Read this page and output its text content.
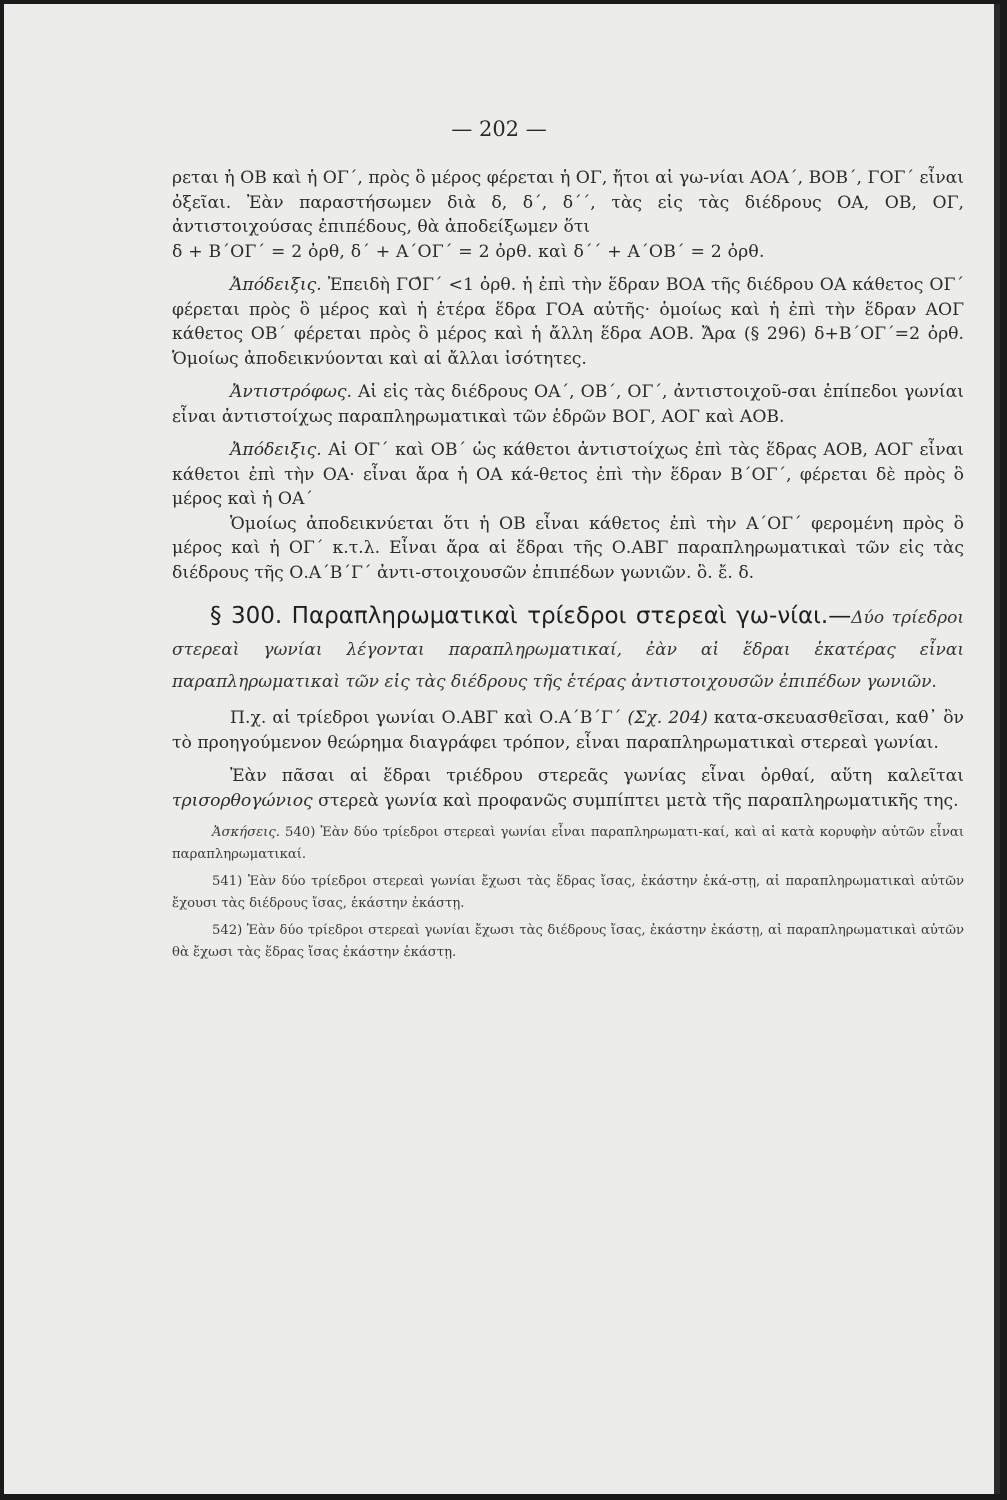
— 202 —

ρεται ἡ ΟΒ καὶ ἡ ΟΓ΄, πρὸς ὃ μέρος φέρεται ἡ ΟΓ, ἤτοι αἱ γω-νίαι ΑΟΑ΄, ΒΟΒ΄, ΓΟΓ΄ εἶναι ὀξεῖαι. Ἐὰν παραστήσωμεν διὰ δ, δ΄, δ΄΄, τὰς εἰς τὰς διέδρους ΟΑ, ΟΒ, ΟΓ, ἀντιστοιχούσας ἐπιπέδους, θὰ ἀποδείξωμεν ὅτι

δ + Β΄ΟΓ΄ = 2 ὀρθ, δ΄ + Α΄ΟΓ΄ = 2 ὀρθ. καὶ δ΄΄ + Α΄ΟΒ΄ = 2 ὀρθ.

Ἀπόδειξις. Ἐπειδὴ ΓΟ̂Γ΄ <1 ὀρθ. ἡ ἐπὶ τὴν ἕδραν ΒΟΑ τῆς διέδρου ΟΑ κάθετος ΟΓ΄ φέρεται πρὸς ὃ μέρος καὶ ἡ ἑτέρα ἕδρα ΓΟΑ αὐτῆς· ὁμοίως καὶ ἡ ἐπὶ τὴν ἕδραν ΑΟΓ κάθετος ΟΒ΄ φέρεται πρὸς ὃ μέρος καὶ ἡ ἄλλη ἕδρα ΑΟΒ. Ἄρα (§ 296) δ+Β΄ΟΓ΄=2 ὀρθ. Ὁμοίως ἀποδεικνύονται καὶ αἱ ἄλλαι ἰσότητες.

Ἀντιστρόφως. Αἱ εἰς τὰς διέδρους ΟΑ΄, ΟΒ΄, ΟΓ΄, ἀντιστοιχοῦ-σαι ἐπίπεδοι γωνίαι εἶναι ἀντιστοίχως παραπληρωματικαὶ τῶν ἑδρῶν ΒΟΓ, ΑΟΓ καὶ ΑΟΒ.

Ἀπόδειξις. Αἱ ΟΓ΄ καὶ ΟΒ΄ ὡς κάθετοι ἀντιστοίχως ἐπὶ τὰς ἕδρας ΑΟΒ, ΑΟΓ εἶναι κάθετοι ἐπὶ τὴν ΟΑ· εἶναι ἄρα ἡ ΟΑ κά-θετος ἐπὶ τὴν ἕδραν Β΄ΟΓ΄, φέρεται δὲ πρὸς ὃ μέρος καὶ ἡ ΟΑ΄

Ὁμοίως ἀποδεικνύεται ὅτι ἡ ΟΒ εἶναι κάθετος ἐπὶ τὴν Α΄ΟΓ΄ φερομένη πρὸς ὃ μέρος καὶ ἡ ΟΓ΄ κ.τ.λ. Εἶναι ἄρα αἱ ἕδραι τῆς Ο.ΑΒΓ παραπληρωματικαὶ τῶν εἰς τὰς διέδρους τῆς Ο.Α΄Β΄Γ΄ ἀντι-στοιχουσῶν ἐπιπέδων γωνιῶν. ὃ. ἔ. δ.

§ 300. Παραπληρωματικαὶ τρίεδροι στερεαὶ γω-νίαι.—Δύο τρίεδροι στερεαὶ γωνίαι λέγονται παραπληρωματικαί, ἐὰν αἱ ἕδραι ἑκατέρας εἶναι παραπληρωματικαὶ τῶν εἰς τὰς διέδρους τῆς ἑτέρας ἀντιστοιχουσῶν ἐπιπέδων γωνιῶν.

Π.χ. αἱ τρίεδροι γωνίαι Ο.ΑΒΓ καὶ Ο.Α΄Β΄Γ΄ (Σχ. 204) κατα-σκευασθεῖσαι, καθ᾿ ὃν τὸ προηγούμενον θεώρημα διαγράφει τρόπον, εἶναι παραπληρωματικαὶ στερεαὶ γωνίαι.

Ἐὰν πᾶσαι αἱ ἕδραι τριέδρου στερεᾶς γωνίας εἶναι ὀρθαί, αὕτη καλεῖται τρισορθογώνιος στερεὰ γωνία καὶ προφανῶς συμπίπτει μετὰ τῆς παραπληρωματικῆς της.

Ἀσκήσεις. 540) Ἐὰν δύο τρίεδροι στερεαὶ γωνίαι εἶναι παραπληρωματι-καί, καὶ αἱ κατὰ κορυφὴν αὐτῶν εἶναι παραπληρωματικαί.

541) Ἐὰν δύο τρίεδροι στερεαὶ γωνίαι ἔχωσι τὰς ἕδρας ἴσας, ἑκάστην ἑκά-στῃ, αἱ παραπληρωματικαὶ αὐτῶν ἔχουσι τὰς διέδρους ἴσας, ἑκάστην ἑκάστῃ.

542) Ἐὰν δύο τρίεδροι στερεαὶ γωνίαι ἔχωσι τὰς διέδρους ἴσας, ἑκάστην ἑκάστῃ, αἱ παραπληρωματικαὶ αὐτῶν θὰ ἔχωσι τὰς ἕδρας ἴσας ἑκάστην ἑκάστῃ.
